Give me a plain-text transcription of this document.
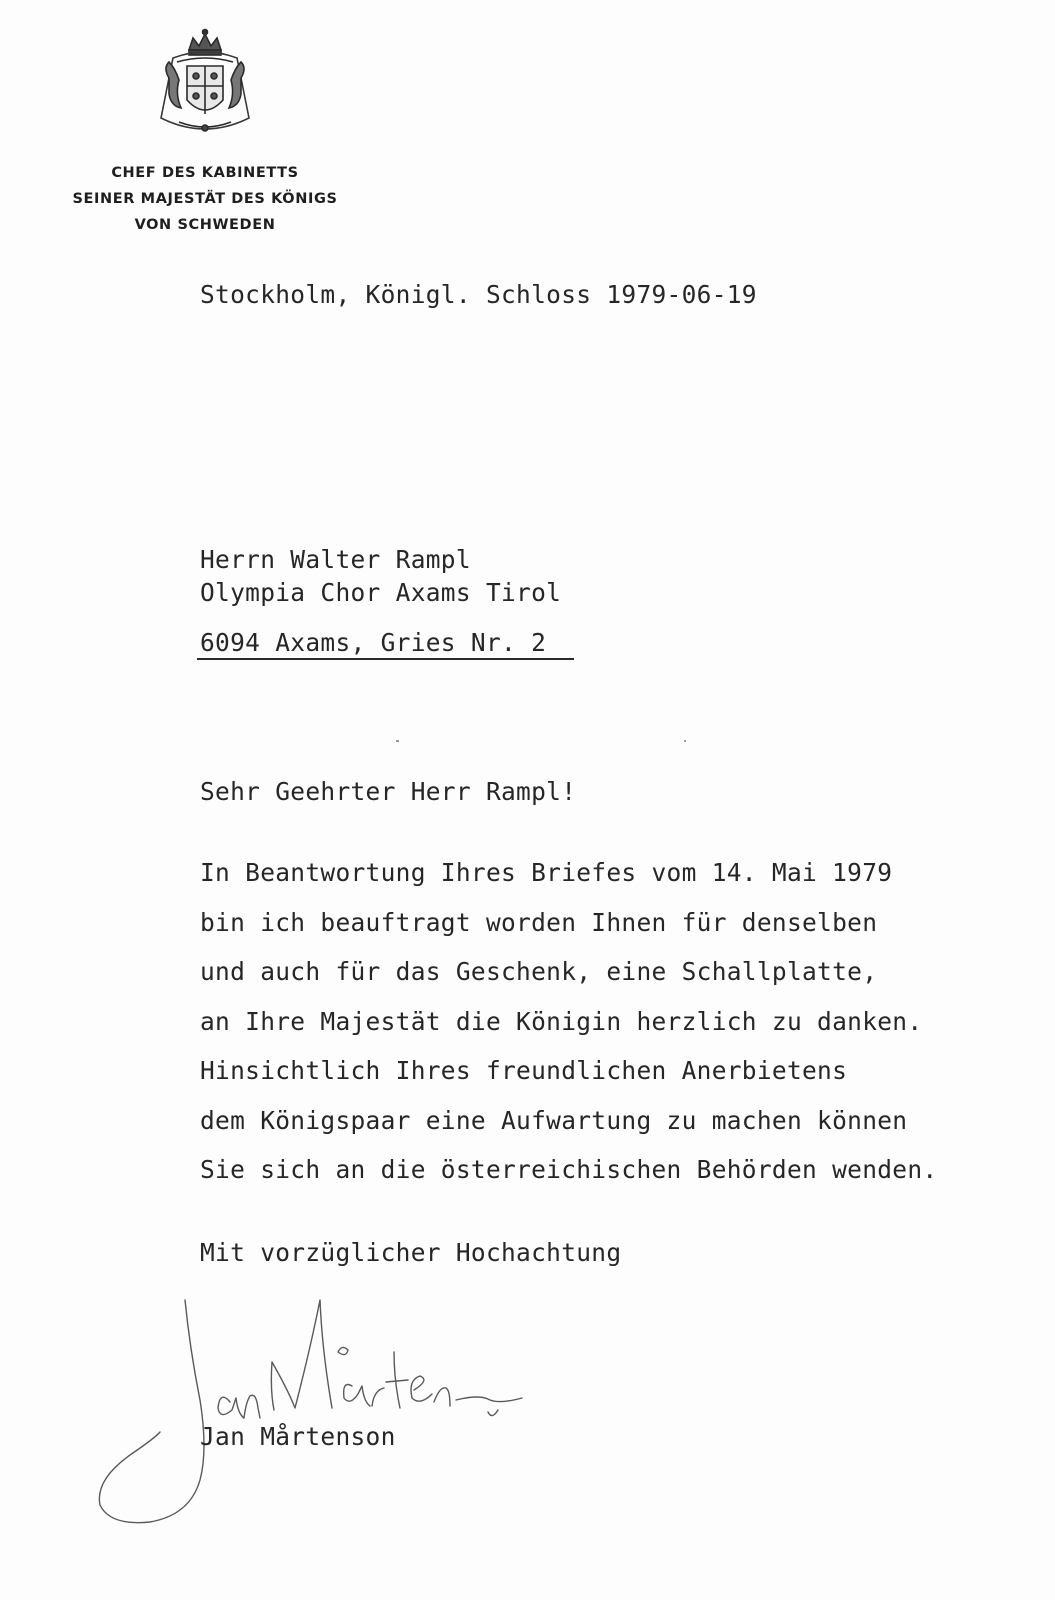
CHEF DES KABINETTS
SEINER MAJESTÄT DES KÖNIGS
VON SCHWEDEN
Stockholm, Königl. Schloss 1979-06-19
Herrn Walter Rampl
Olympia Chor Axams Tirol
6094 Axams, Gries Nr. 2
Sehr Geehrter Herr Rampl!
In Beantwortung Ihres Briefes vom 14. Mai 1979
bin ich beauftragt worden Ihnen für denselben
und auch für das Geschenk, eine Schallplatte,
an Ihre Majestät die Königin herzlich zu danken.
Hinsichtlich Ihres freundlichen Anerbietens
dem Königspaar eine Aufwartung zu machen können
Sie sich an die österreichischen Behörden wenden.
Mit vorzüglicher Hochachtung
Jan Mårtenson
